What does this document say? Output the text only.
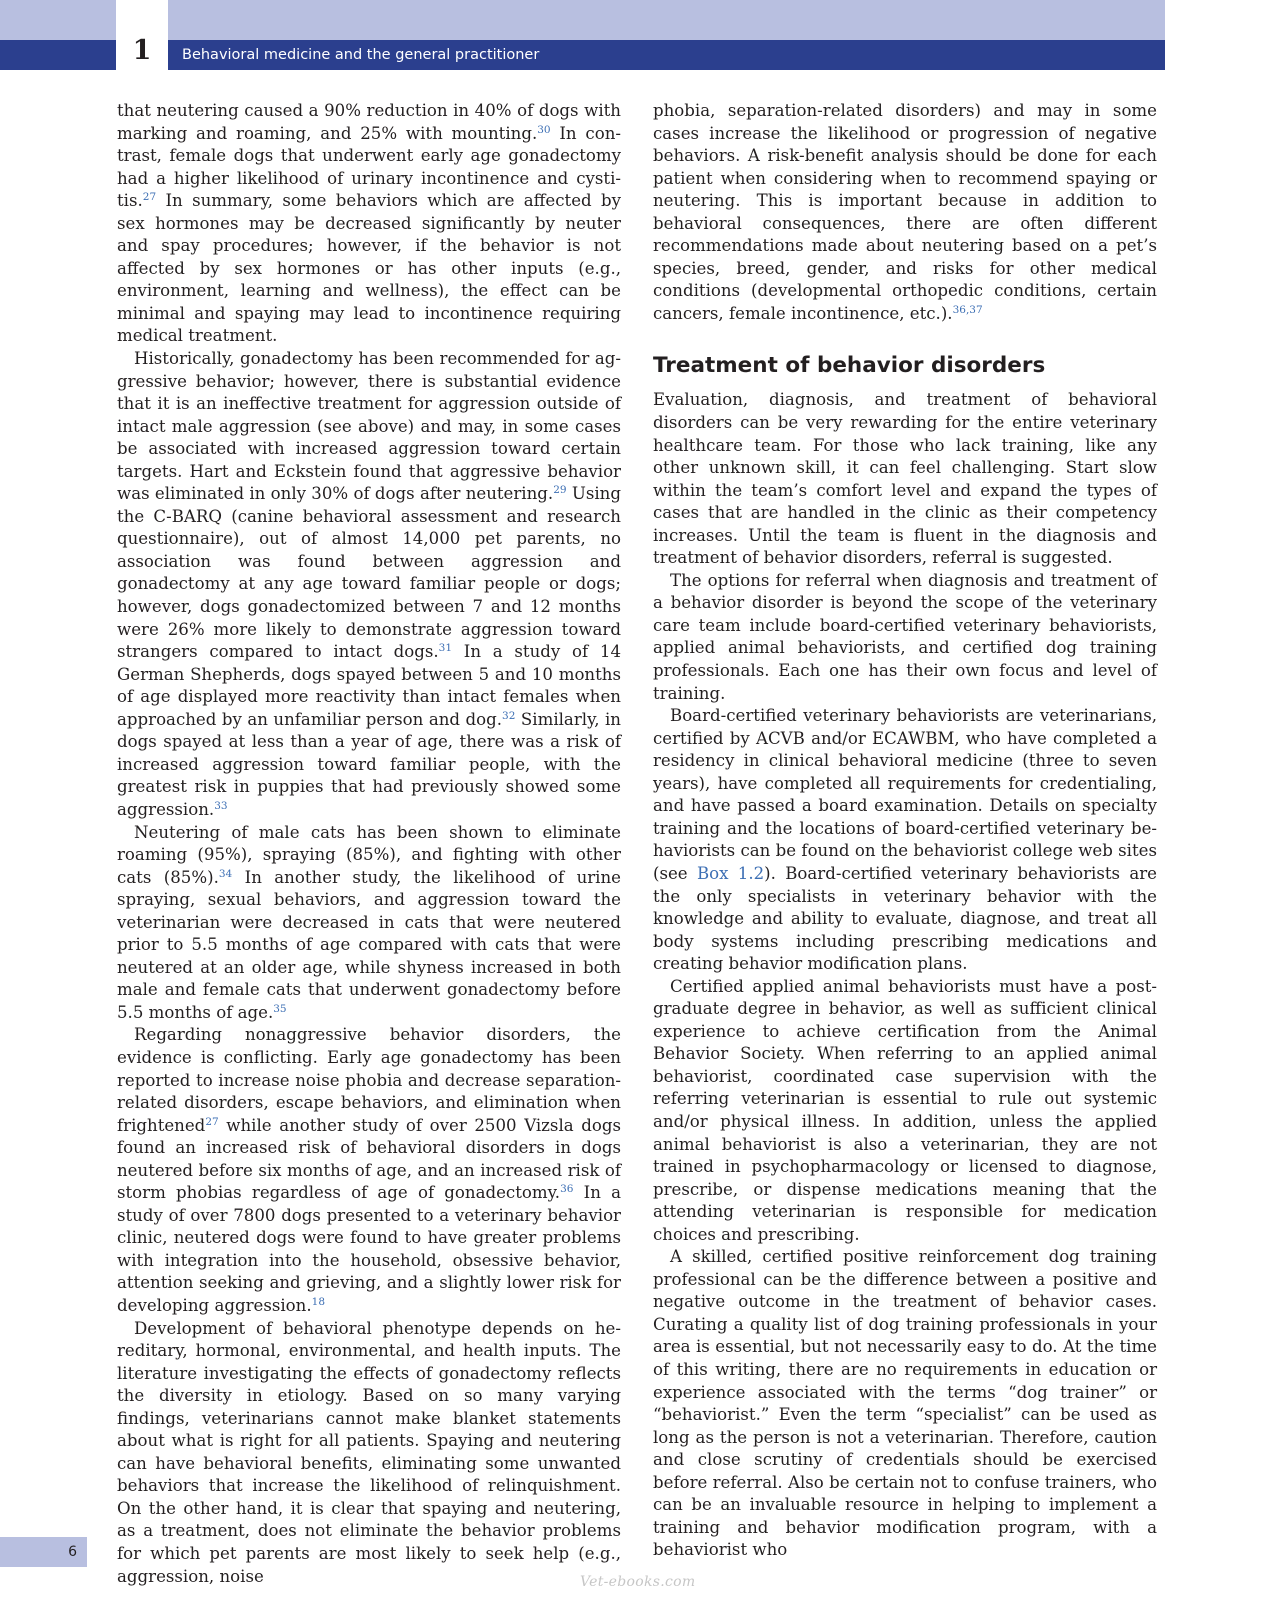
1	Behavioral medicine and the general practitioner

that neutering caused a 90% reduction in 40% of dogs with marking and roaming, and 25% with mounting.$^{30}$ In contrast, female dogs that underwent early age gonadectomy had a higher likelihood of urinary incontinence and cystitis.$^{27}$ In summary, some behaviors which are affected by sex hormones may be decreased significantly by neuter and spay procedures; however, if the behavior is not affected by sex hormones or has other inputs (e.g., environment, learning and wellness), the effect can be minimal and spaying may lead to incontinence requiring medical treatment.

Historically, gonadectomy has been recommended for aggressive behavior; however, there is substantial evidence that it is an ineffective treatment for aggression outside of intact male aggression (see above) and may, in some cases be associated with increased aggression toward certain targets. Hart and Eckstein found that aggressive behavior was eliminated in only 30% of dogs after neutering.$^{29}$ Using the C-BARQ (canine behavioral assessment and research questionnaire), out of almost 14,000 pet parents, no association was found between aggression and gonadectomy at any age toward familiar people or dogs; however, dogs gonadectomized between 7 and 12 months were 26% more likely to demonstrate aggression toward strangers compared to intact dogs.$^{31}$ In a study of 14 German Shepherds, dogs spayed between 5 and 10 months of age displayed more reactivity than intact females when approached by an unfamiliar person and dog.$^{32}$ Similarly, in dogs spayed at less than a year of age, there was a risk of increased aggression toward familiar people, with the greatest risk in puppies that had previously showed some aggression.$^{33}$

Neutering of male cats has been shown to eliminate roaming (95%), spraying (85%), and fighting with other cats (85%).$^{34}$ In another study, the likelihood of urine spraying, sexual behaviors, and aggression toward the veterinarian were decreased in cats that were neutered prior to 5.5 months of age compared with cats that were neutered at an older age, while shyness increased in both male and female cats that underwent gonadectomy before 5.5 months of age.$^{35}$

Regarding nonaggressive behavior disorders, the evidence is conflicting. Early age gonadectomy has been reported to increase noise phobia and decrease separation-related disorders, escape behaviors, and elimination when frightened$^{27}$ while another study of over 2500 Vizsla dogs found an increased risk of behavioral disorders in dogs neutered before six months of age, and an increased risk of storm phobias regardless of age of gonadectomy.$^{36}$ In a study of over 7800 dogs presented to a veterinary behavior clinic, neutered dogs were found to have greater problems with integration into the household, obsessive behavior, attention seeking and grieving, and a slightly lower risk for developing aggression.$^{18}$

Development of behavioral phenotype depends on hereditary, hormonal, environmental, and health inputs. The literature investigating the effects of gonadectomy reflects the diversity in etiology. Based on so many varying findings, veterinarians cannot make blanket statements about what is right for all patients. Spaying and neutering can have behavioral benefits, eliminating some unwanted behaviors that increase the likelihood of relinquishment. On the other hand, it is clear that spaying and neutering, as a treatment, does not eliminate the behavior problems for which pet parents are most likely to seek help (e.g., aggression, noise

phobia, separation-related disorders) and may in some cases increase the likelihood or progression of negative behaviors. A risk-benefit analysis should be done for each patient when considering when to recommend spaying or neutering. This is important because in addition to behavioral consequences, there are often different recommendations made about neutering based on a pet’s species, breed, gender, and risks for other medical conditions (developmental orthopedic conditions, certain cancers, female incontinence, etc.).$^{36,37}$

Treatment of behavior disorders

Evaluation, diagnosis, and treatment of behavioral disorders can be very rewarding for the entire veterinary healthcare team. For those who lack training, like any other unknown skill, it can feel challenging. Start slow within the team’s comfort level and expand the types of cases that are handled in the clinic as their competency increases. Until the team is fluent in the diagnosis and treatment of behavior disorders, referral is suggested.

The options for referral when diagnosis and treatment of a behavior disorder is beyond the scope of the veterinary care team include board-certified veterinary behaviorists, applied animal behaviorists, and certified dog training professionals. Each one has their own focus and level of training.

Board-certified veterinary behaviorists are veterinarians, certified by ACVB and/or ECAWBM, who have completed a residency in clinical behavioral medicine (three to seven years), have completed all requirements for credentialing, and have passed a board examination. Details on specialty training and the locations of board-certified veterinary behaviorists can be found on the behaviorist college web sites (see Box 1.2). Board-certified veterinary behaviorists are the only specialists in veterinary behavior with the knowledge and ability to evaluate, diagnose, and treat all body systems including prescribing medications and creating behavior modification plans.

Certified applied animal behaviorists must have a postgraduate degree in behavior, as well as sufficient clinical experience to achieve certification from the Animal Behavior Society. When referring to an applied animal behaviorist, coordinated case supervision with the referring veterinarian is essential to rule out systemic and/or physical illness. In addition, unless the applied animal behaviorist is also a veterinarian, they are not trained in psychopharmacology or licensed to diagnose, prescribe, or dispense medications meaning that the attending veterinarian is responsible for medication choices and prescribing.

A skilled, certified positive reinforcement dog training professional can be the difference between a positive and negative outcome in the treatment of behavior cases. Curating a quality list of dog training professionals in your area is essential, but not necessarily easy to do. At the time of this writing, there are no requirements in education or experience associated with the terms “dog trainer” or “behaviorist.” Even the term “specialist” can be used as long as the person is not a veterinarian. Therefore, caution and close scrutiny of credentials should be exercised before referral. Also be certain not to confuse trainers, who can be an invaluable resource in helping to implement a training and behavior modification program, with a behaviorist who

6
Vet-ebooks.com
